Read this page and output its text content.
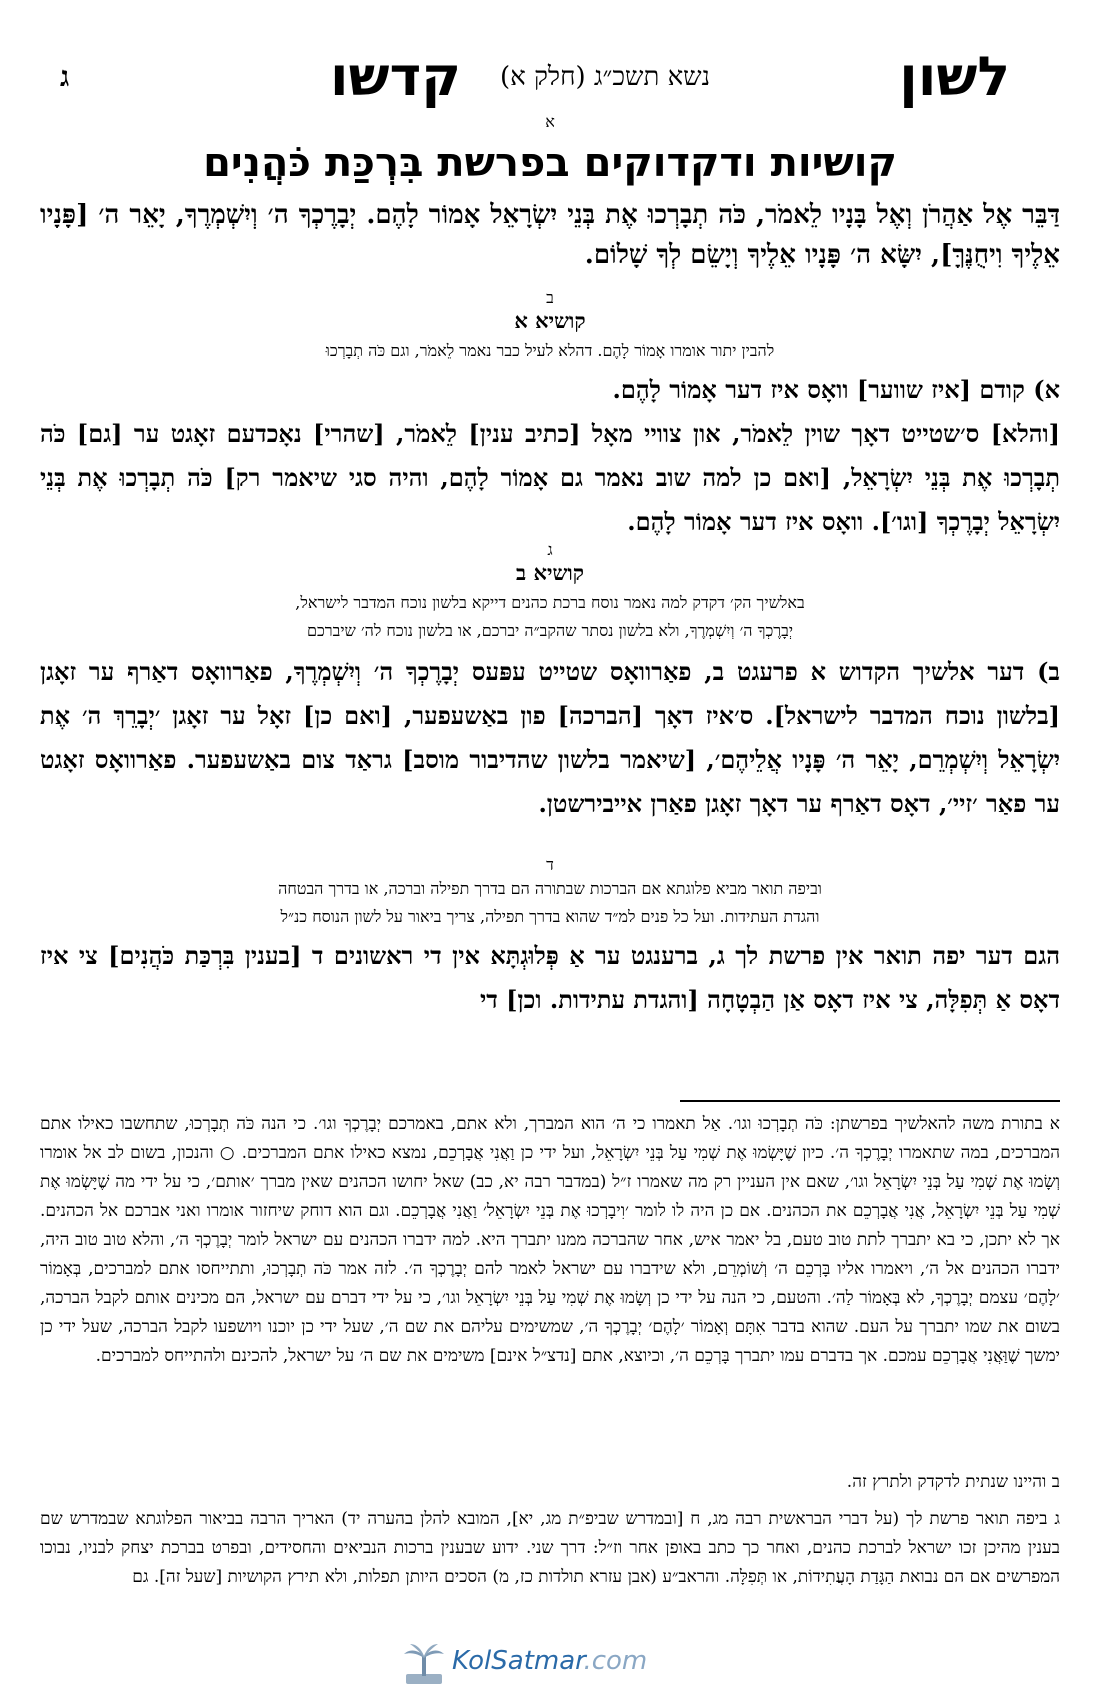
לשון
נשא תשכ״ג (חלק א)
קדשו
ג
א
קושיות ודקדוקים בפרשת בִּרְכַּת כֹּהֲנִים
דַּבֵּר אֶל אַהֲרֹן וְאֶל בָּנָיו לֵאמֹר, כֹּה תְבָרְכוּ אֶת בְּנֵי יִשְׂרָאֵל אָמוֹר לָהֶם. יְבָרֶכְךָ ה׳ וְיִשְׁמְרֶךָ, יָאֵר ה׳ [פָּנָיו אֵלֶיךָ וִיחֻנֶּךָּ], יִשָּׂא ה׳ פָּנָיו אֵלֶיךָ וְיָשֵׂם לְךָ שָׁלוֹם.
ב
קושיא א
להבין יתור אומרו אָמוֹר לָהֶם. דהלא לעיל כבר נאמר לֵאמֹר, וגם כֹּה תְבָרְכוּ
א) קודם [איז שווער] וואָס איז דער אָמוֹר לָהֶם.
[והלא] ס׳שטייט דאָך שוין לֵאמֹר, און צוויי מאָל [כתיב ענין] לֵאמֹר, [שהרי] נאָכדעם זאָגט ער [גם] כֹּה תְבָרְכוּ אֶת בְּנֵי יִשְׂרָאֵל, [ואם כן למה שוב נאמר גם אָמוֹר לָהֶם, והיה סגי שיאמר רק] כֹּה תְבָרְכוּ אֶת בְּנֵי יִשְׂרָאֵל יְבָרֶכְךָ [וגו׳]. וואָס איז דער אָמוֹר לָהֶם.
ג
קושיא ב
באלשיך הק׳ דקדק למה נאמר נוסח ברכת כהנים דייקא בלשון נוכח המדבר לישראל,
יְבָרֶכְךָ ה׳ וְיִשְׁמְרֶךָ, ולא בלשון נסתר שהקב״ה יברכם, או בלשון נוכח לה׳ שיברכם
ב) דער אלשיך הקדוש א פרעגט ב, פאַרוואָס שטייט עפּעס יְבָרֶכְךָ ה׳ וְיִשְׁמְרֶךָ, פאַרוואָס דאַרף ער זאָגן [בלשון נוכח המדבר לישראל]. ס׳איז דאָך [הברכה] פון באַשעפער, [ואם כן] זאָל ער זאָגן ׳יְבָרֵךְ ה׳ אֶת יִשְׂרָאֵל וְיִשְׁמְרֵם, יָאֵר ה׳ פָּנָיו אֲלֵיהֶם׳, [שיאמר בלשון שהדיבור מוסב] גראַד צום באַשעפער. פאַרוואָס זאָגט ער פאַר ׳זיי׳, דאָס דאַרף ער דאָך זאָגן פאַרן אייבירשטן.
ד
וביפה תואר מביא פלוגתא אם הברכות שבתורה הם בדרך תפילה וברכה, או בדרך הבטחה
והגדת העתידות. ועל כל פנים למ״ד שהוא בדרך תפילה, צריך ביאור על לשון הנוסח כנ״ל
הגם דער יפה תואר אין פרשת לך ג, ברענגט ער אַ פְּלוּגְתָּא אין די ראשונים ד [בענין בִּרְכַּת כֹּהֲנִים] צי איז דאָס אַ תְּפִלָּה, צי איז דאָס אַן הַבְטָחָה [והגדת עתידות. וכן] די
א בתורת משה להאלשיך בפרשתן: כֹּה תְבָרְכוּ וגו׳. אַל תאמרו כי ה׳ הוא המברך, ולא אתם, באמרכם יְבָרֶכְךָ וגו׳. כי הנה כֹּה תְבָרְכוּ, שתחשבו כאילו אתם המברכים, במה שתאמרו יְבָרֶכְךָ ה׳. כיון שֶׁיָּשְׂמוּ אֶת שְׁמִי עַל בְּנֵי יִשְׂרָאֵל, ועל ידי כן וַאֲנִי אֲבָרְכֵם, נמצא כאילו אתם המברכים. ○ והנכון, בשום לב אל אומרו וְשָׂמוּ אֶת שְׁמִי עַל בְּנֵי יִשְׂרָאֵל וגו׳, שאם אין העניין רק מה שאמרו ז״ל (במדבר רבה יא, כב) שאל יחושו הכהנים שאין מברך ׳אותם׳, כי על ידי מה שֶׁיָּשְׂמוּ אֶת שְׁמִי עַל בְּנֵי יִשְׂרָאֵל, אֲנִי אֲבָרְכֵם את הכהנים. אם כן היה לו לומר ׳וִיבָרְכוּ אֶת בְּנֵי יִשְׂרָאֵל׳ וַאֲנִי אֲבָרְכֵם. וגם הוא דוחק שיחזור אומרו ואני אברכם אל הכהנים. אך לא יתכן, כי בא יתברך לתת טוב טעם, בל יאמר איש, אחר שהברכה ממנו יתברך היא. למה ידברו הכהנים עם ישראל לומר יְבָרֶכְךָ ה׳, והלא טוב טוב היה, ידברו הכהנים אל ה׳, ויאמרו אליו בָּרְכֵם ה׳ וְשׁוֹמְרֵם, ולא שידברו עם ישראל לאמר להם יְבָרֶכְךָ ה׳. לזה אמר כֹּה תְבָרְכוּ, ותתייחסו אתם למברכים, בְּאָמוֹר ׳לָהֶם׳ עצמם יְבָרֶכְךָ, לא בְּאָמוֹר לַה׳. והטעם, כי הנה על ידי כן וְשָׂמוּ אֶת שְׁמִי עַל בְּנֵי יִשְׂרָאֵל וגו׳, כי על ידי דברם עם ישראל, הם מכינים אותם לקבל הברכה, בשום את שמו יתברך על העם. שהוא בדבר אִתָּם וְאָמוֹר ׳לָהֶם׳ יְבָרֶכְךָ ה׳, שמשימים עליהם את שם ה׳, שעל ידי כן יוכנו ויושפעו לקבל הברכה, שעל ידי כן ימשך שֶׁוַּאֲנִי אֲבָרְכֵם עמכם. אך בדברם עמו יתברך בָּרְכֵם ה׳, וכיוצא, אתם [נדצ״ל אינם] משימים את שם ה׳ על ישראל, להכינם ולהתייחס למברכים.
ב והיינו שנתית לדקדק ולתרץ זה.
ג ביפה תואר פרשת לך (על דברי הבראשית רבה מג, ח [ובמדרש שביפ״ת מג, יא], המובא להלן בהערה יד) האריך הרבה בביאור הפלוגתא שבמדרש שם בענין מהיכן זכו ישראל לברכת כהנים, ואחר כך כתב באופן אחר וז״ל: דרך שני. ידוע שבענין ברכות הנביאים והחסידים, ובפרט בברכת יצחק לבניו, נבוכו המפרשים אם הם נבואת הַגָּדַת הָעֲתִידוֹת, או תְּפִלָּה. והראב״ע (אבן עזרא תולדות כז, מ) הסכים היותן תפלות, ולא תירץ הקושיות [שעל זה]. גם
KolSatmar.com
